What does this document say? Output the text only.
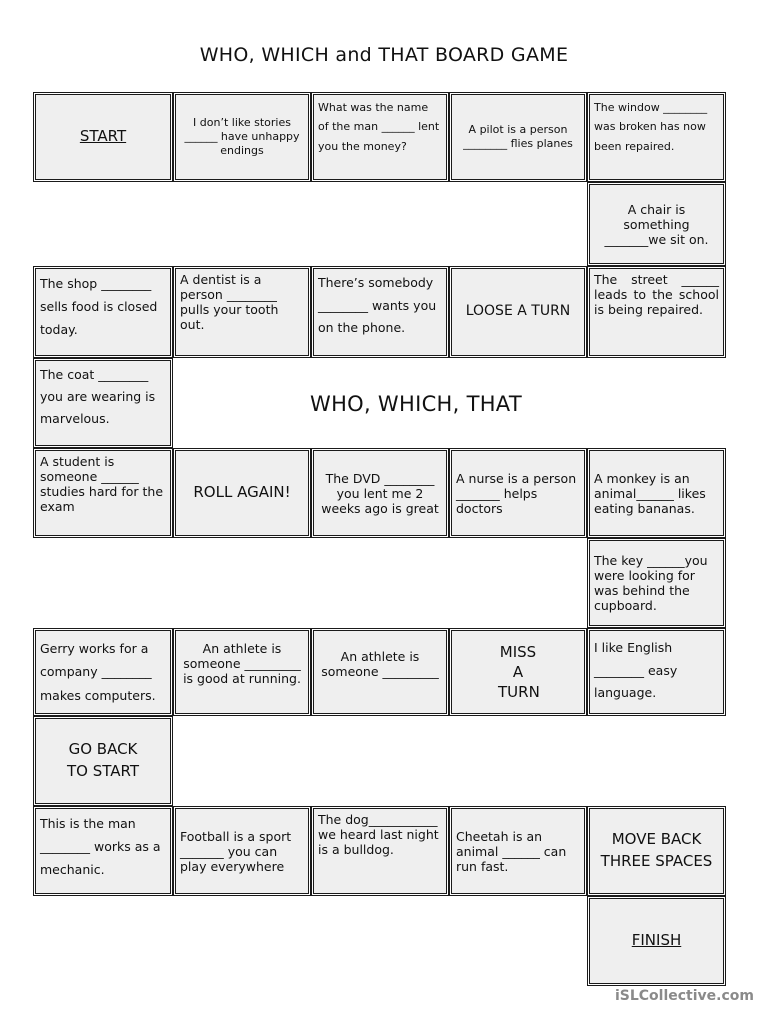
WHO, WHICH and THAT BOARD GAME
START
I don’t like stories ______ have unhappy endings
What was the name of the man ______ lent you the money?
A pilot is a person ________ flies planes
The window ________ was broken has now been repaired.
A chair is something _______we sit on.
The shop ________ sells food is closed today.
A dentist is a person ________ pulls your tooth out.
There’s somebody ________ wants you on the phone.
LOOSE A TURN
The street ______ leads to the school is being repaired.
The coat ________ you are wearing is marvelous.
WHO, WHICH, THAT
A student is someone ______ studies hard for the exam
ROLL AGAIN!
The DVD ________ you lent me 2 weeks ago is great
A nurse is a person _______ helps doctors
A monkey is an animal______ likes eating bananas.
The key ______you were looking for was behind the cupboard.
Gerry works for a company ________ makes computers.
An athlete is someone _________ is good at running.
An athlete is someone _________
MISS A TURN
I like English ________ easy language.
GO BACK TO START
This is the man ________ works as a mechanic.
Football is a sport _______ you can play everywhere
The dog___________ we heard last night is a bulldog.
Cheetah is an animal ______ can run fast.
MOVE BACK THREE SPACES
FINISH
iSLCollective.com
